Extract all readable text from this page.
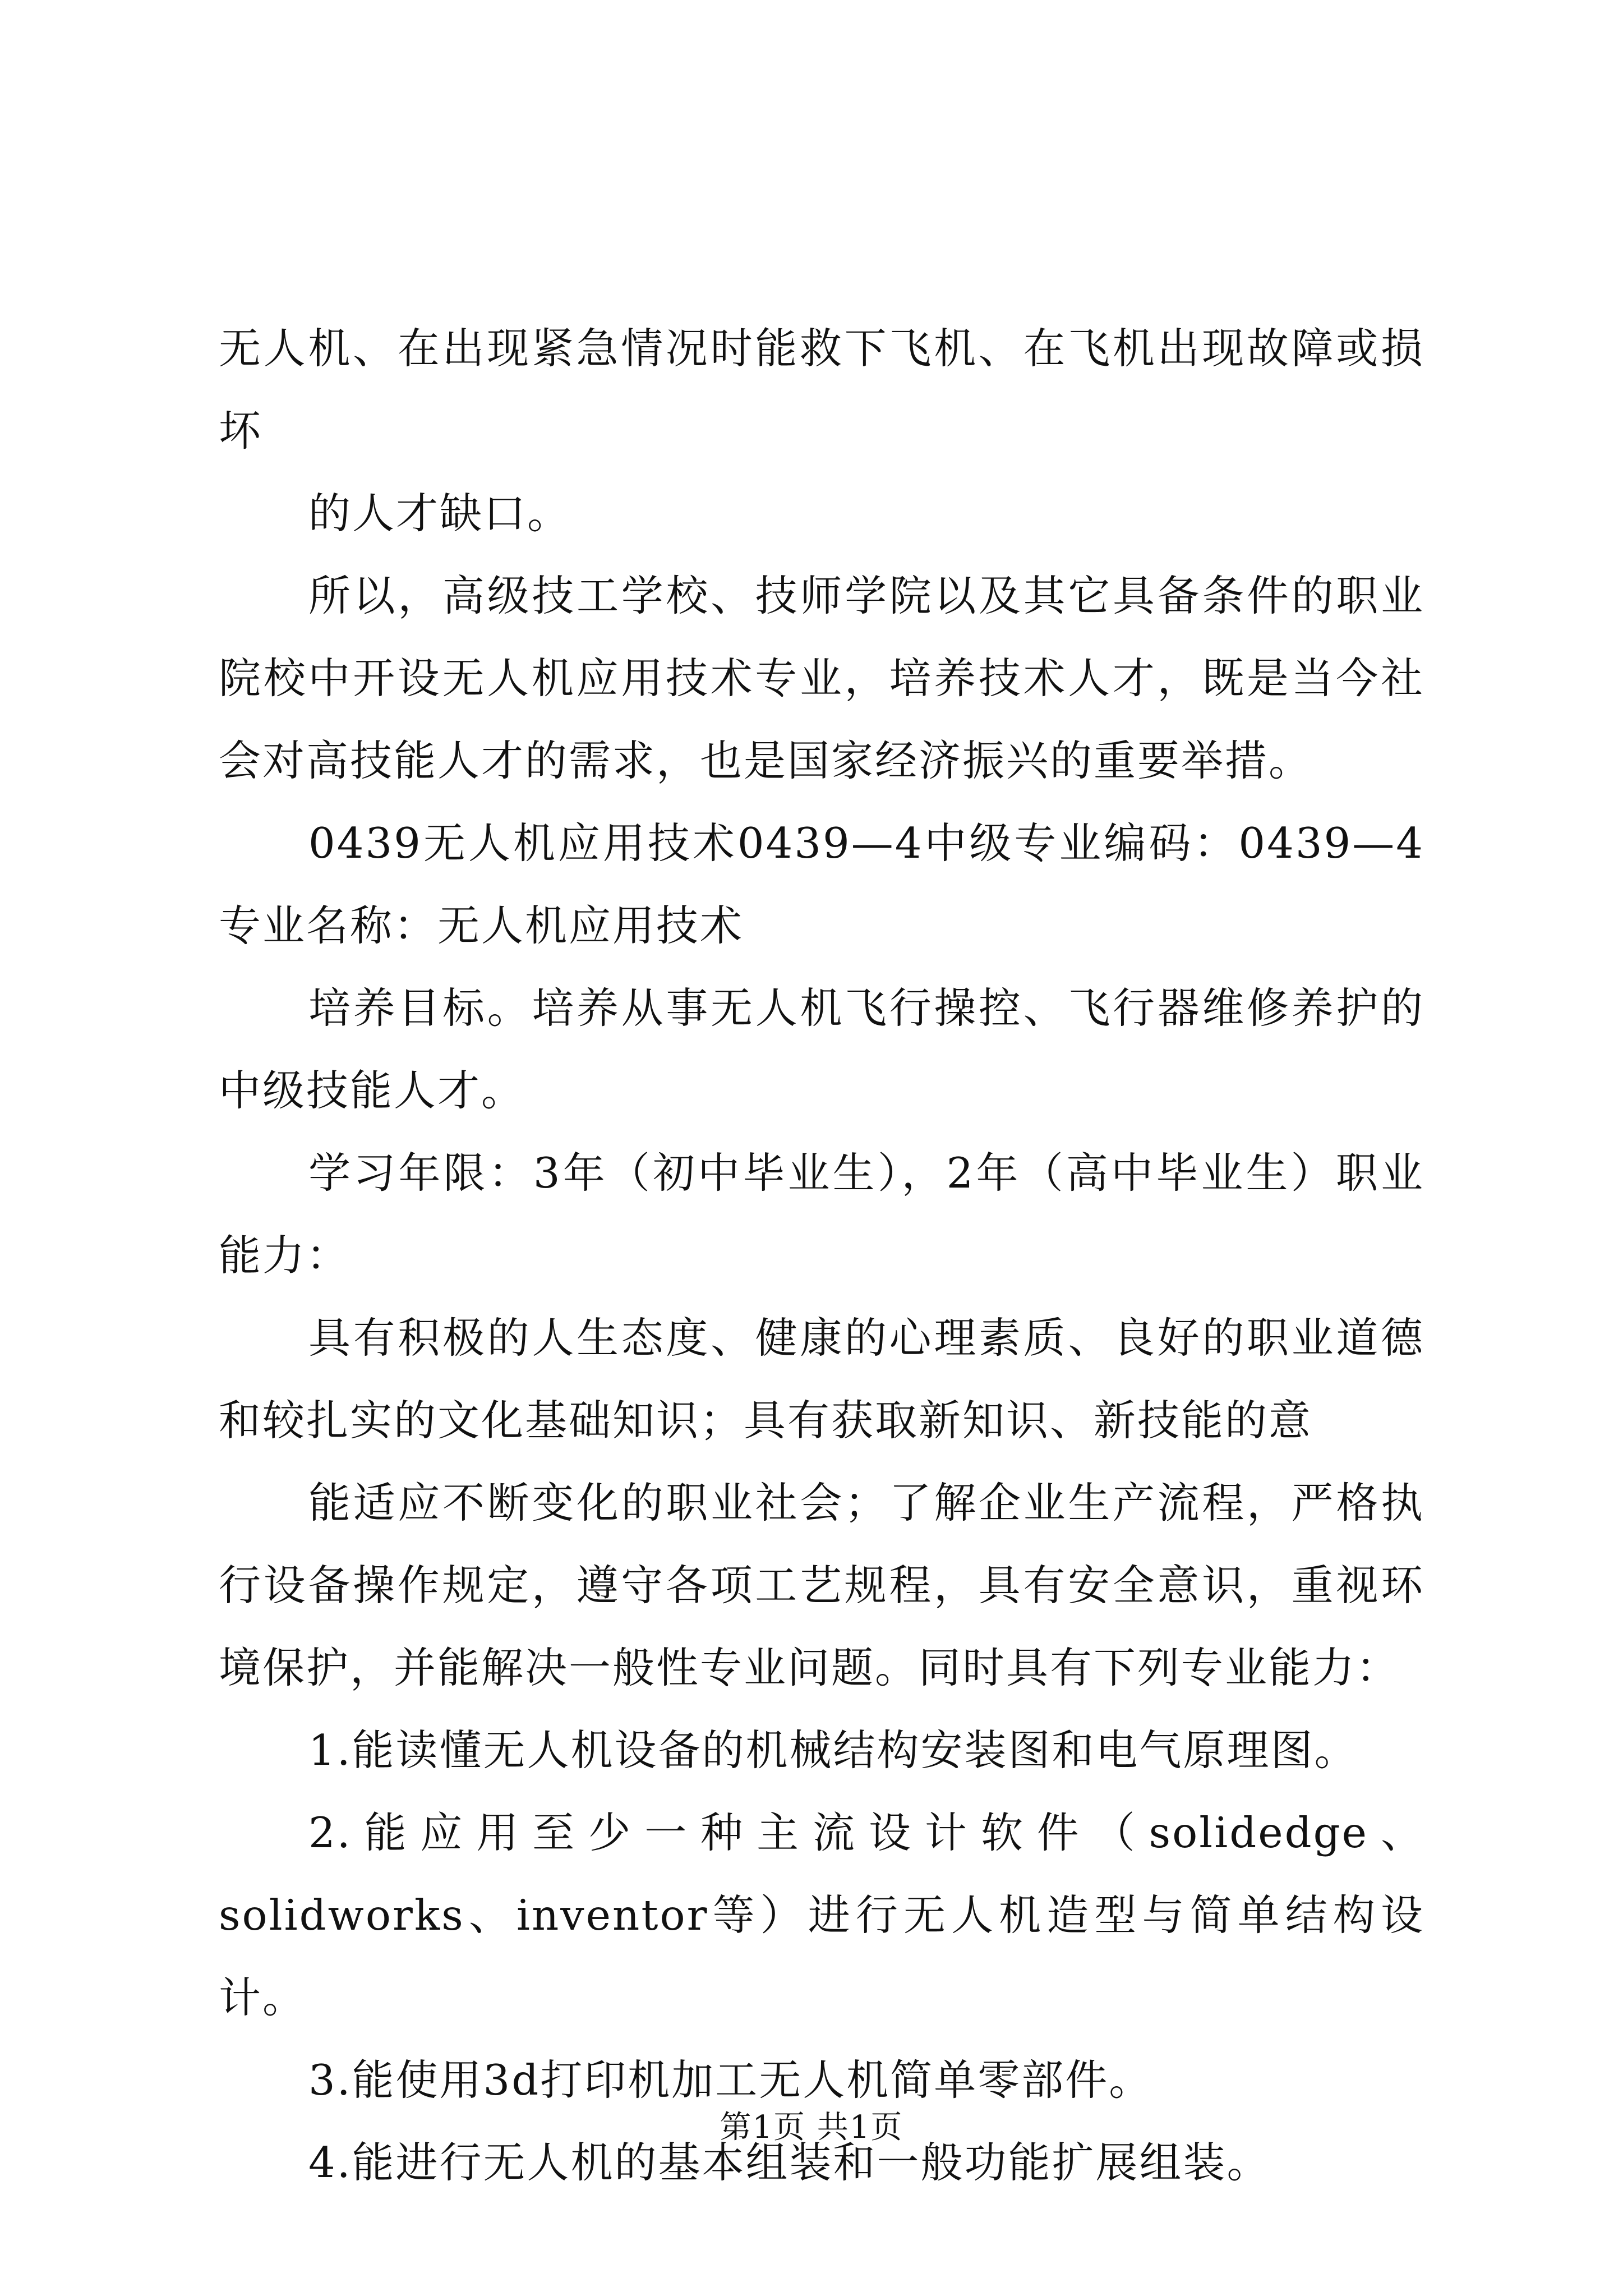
无人机、在出现紧急情况时能救下飞机、在飞机出现故障或损坏

的人才缺口。

所以，高级技工学校、技师学院以及其它具备条件的职业院校中开设无人机应用技术专业，培养技术人才，既是当今社会对高技能人才的需求，也是国家经济振兴的重要举措。

0439无人机应用技术0439—4中级专业编码：0439—4专业名称：无人机应用技术

培养目标。培养从事无人机飞行操控、飞行器维修养护的中级技能人才。

学习年限：3年（初中毕业生），2年（高中毕业生）职业能力：

具有积极的人生态度、健康的心理素质、良好的职业道德和较扎实的文化基础知识；具有获取新知识、新技能的意

能适应不断变化的职业社会；了解企业生产流程，严格执行设备操作规定，遵守各项工艺规程，具有安全意识，重视环境保护，并能解决一般性专业问题。同时具有下列专业能力：

1.能读懂无人机设备的机械结构安装图和电气原理图。

2.能应用至少一种主流设计软件（solidedge、solidworks、inventor等）进行无人机造型与简单结构设计。

3.能使用3d打印机加工无人机简单零部件。

4.能进行无人机的基本组装和一般功能扩展组装。

第1页 共1页
